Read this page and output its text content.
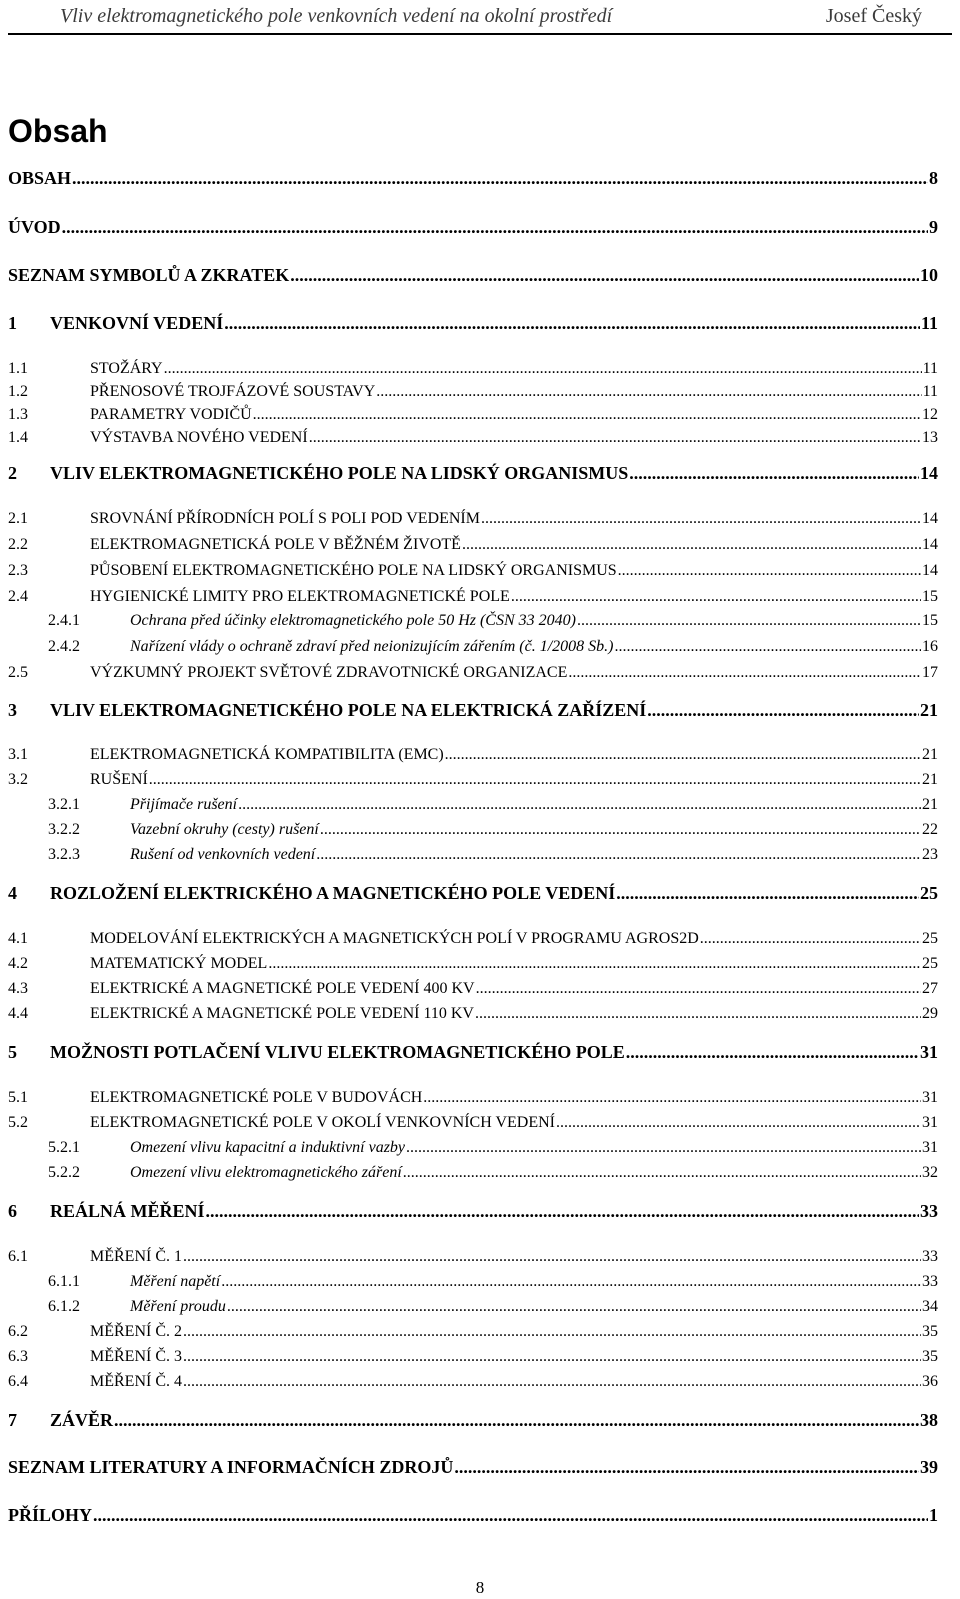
Vliv elektromagnetického pole venkovních vedení na okolní prostředí	Josef Český
Obsah
OBSAH .....	8
ÚVOD .....	9
SEZNAM SYMBOLŮ A ZKRATEK .....	10
1	VENKOVNÍ VEDENÍ .....	11
1.1	STOŽÁRY .....	11
1.2	PŘENOSOVÉ TROJFÁZOVÉ SOUSTAVY .....	11
1.3	PARAMETRY VODIČŮ .....	12
1.4	VÝSTAVBA NOVÉHO VEDENÍ .....	13
2	VLIV ELEKTROMAGNETICKÉHO POLE NA LIDSKÝ ORGANISMUS .....	14
2.1	SROVNÁNÍ PŘÍRODNÍCH POLÍ S POLI POD VEDENÍM .....	14
2.2	ELEKTROMAGNETICKÁ POLE V BĚŽNÉM ŽIVOTĚ .....	14
2.3	PŮSOBENÍ ELEKTROMAGNETICKÉHO POLE NA LIDSKÝ ORGANISMUS .....	14
2.4	HYGIENICKÉ LIMITY PRO ELEKTROMAGNETICKÉ POLE .....	15
2.4.1	Ochrana před účinky elektromagnetického pole 50 Hz (ČSN 33 2040) .....	15
2.4.2	Nařízení vlády o ochraně zdraví před neionizujícím zářením (č. 1/2008 Sb.) .....	16
2.5	VÝZKUMNÝ PROJEKT SVĚTOVÉ ZDRAVOTNICKÉ ORGANIZACE .....	17
3	VLIV ELEKTROMAGNETICKÉHO POLE NA ELEKTRICKÁ ZAŘÍZENÍ .....	21
3.1	ELEKTROMAGNETICKÁ KOMPATIBILITA (EMC) .....	21
3.2	RUŠENÍ .....	21
3.2.1	Přijímače rušení .....	21
3.2.2	Vazební okruhy (cesty) rušení .....	22
3.2.3	Rušení od venkovních vedení .....	23
4	ROZLOŽENÍ ELEKTRICKÉHO A MAGNETICKÉHO POLE VEDENÍ .....	25
4.1	MODELOVÁNÍ ELEKTRICKÝCH A MAGNETICKÝCH POLÍ V PROGRAMU AGROS2D .....	25
4.2	MATEMATICKÝ MODEL .....	25
4.3	ELEKTRICKÉ A MAGNETICKÉ POLE VEDENÍ 400 KV .....	27
4.4	ELEKTRICKÉ A MAGNETICKÉ POLE VEDENÍ 110 KV .....	29
5	MOŽNOSTI POTLAČENÍ VLIVU ELEKTROMAGNETICKÉHO POLE .....	31
5.1	ELEKTROMAGNETICKÉ POLE V BUDOVÁCH .....	31
5.2	ELEKTROMAGNETICKÉ POLE V OKOLÍ VENKOVNÍCH VEDENÍ .....	31
5.2.1	Omezení vlivu kapacitní a induktivní vazby .....	31
5.2.2	Omezení vlivu elektromagnetického záření .....	32
6	REÁLNÁ MĚŘENÍ .....	33
6.1	MĚŘENÍ Č. 1 .....	33
6.1.1	Měření napětí .....	33
6.1.2	Měření proudu .....	34
6.2	MĚŘENÍ Č. 2 .....	35
6.3	MĚŘENÍ Č. 3 .....	35
6.4	MĚŘENÍ Č. 4 .....	36
7	ZÁVĚR .....	38
SEZNAM LITERATURY A INFORMAČNÍCH ZDROJŮ .....	39
PŘÍLOHY .....	1
8
